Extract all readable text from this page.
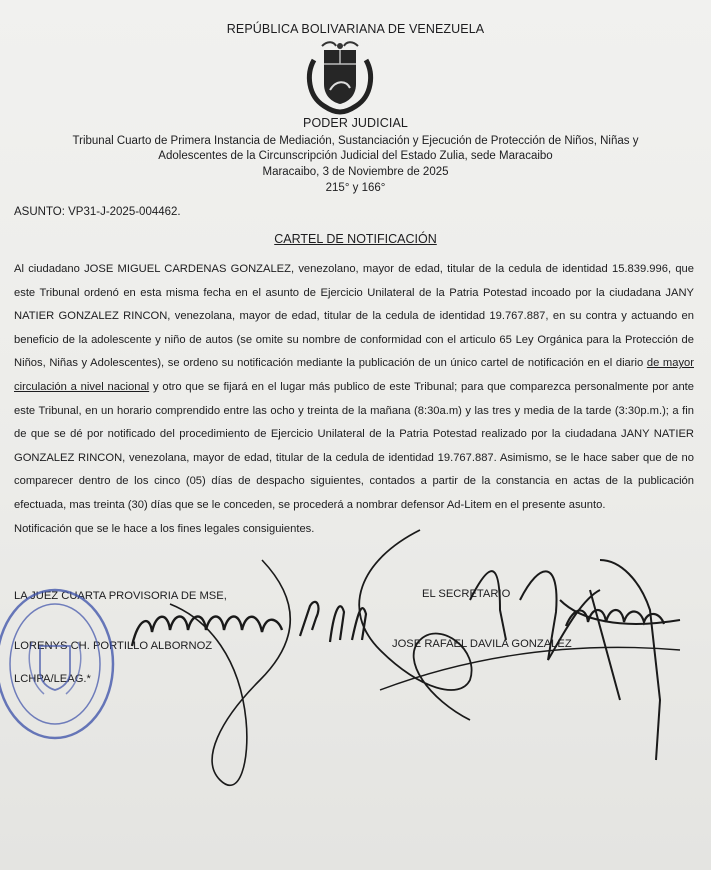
REPÚBLICA BOLIVARIANA DE VENEZUELA
PODER JUDICIAL
Tribunal Cuarto de Primera Instancia de Mediación, Sustanciación y Ejecución de Protección de Niños, Niñas y
Adolescentes de la Circunscripción Judicial del Estado Zulia, sede Maracaibo
Maracaibo, 3 de Noviembre de 2025
215° y 166°
ASUNTO: VP31-J-2025-004462.
CARTEL DE NOTIFICACIÓN

Al ciudadano JOSE MIGUEL CARDENAS GONZALEZ, venezolano, mayor de edad, titular de la cedula de identidad 15.839.996, que este Tribunal ordenó en esta misma fecha en el asunto de Ejercicio Unilateral de la Patria Potestad incoado por la ciudadana JANY NATIER GONZALEZ RINCON, venezolana, mayor de edad, titular de la cedula de identidad 19.767.887, en su contra y actuando en beneficio de la adolescente y niño de autos (se omite su nombre de conformidad con el articulo 65 Ley Orgánica para la Protección de Niños, Niñas y Adolescentes), se ordeno su notificación mediante la publicación de un único cartel de notificación en el diario de mayor circulación a nivel nacional y otro que se fijará en el lugar más publico de este Tribunal; para que comparezca personalmente por ante este Tribunal, en un horario comprendido entre las ocho y treinta de la mañana (8:30a.m) y las tres y media de la tarde (3:30p.m.); a fin de que se dé por notificado del procedimiento de Ejercicio Unilateral de la Patria Potestad realizado por la ciudadana JANY NATIER GONZALEZ RINCON, venezolana, mayor de edad, titular de la cedula de identidad 19.767.887. Asimismo, se le hace saber que de no comparecer dentro de los cinco (05) días de despacho siguientes, contados a partir de la constancia en actas de la publicación efectuada, mas treinta (30) días que se le conceden, se procederá a nombrar defensor Ad-Litem en el presente asunto.

Notificación que se le hace a los fines legales consiguientes.

LA JUEZ CUARTA PROVISORIA DE MSE,
LORENYS CH. PORTILLO ALBORNOZ
LCHPA/LEAG.*
EL SECRETARIO
JOSE RAFAEL DAVILA GONZALEZ
